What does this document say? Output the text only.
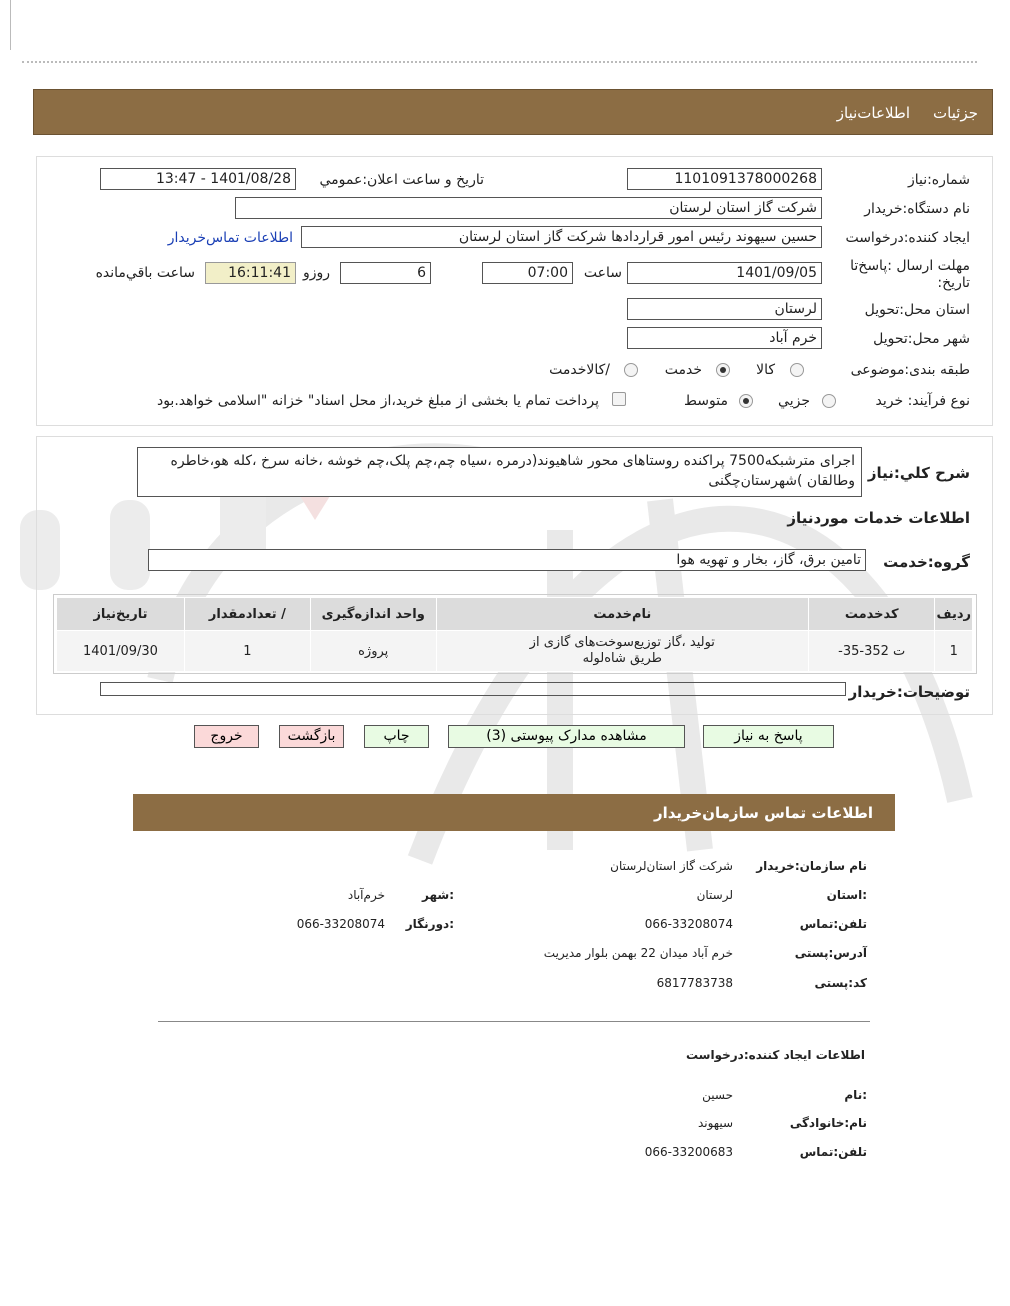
جزئیات
اطلاعات‌نیاز
شماره:نیاز
1101091378000268
تاريخ و ساعت اعلان:عمومي
1401/08/28 - 13:47
نام دستگاه:خريدار
شرکت گاز استان لرستان
ايجاد کننده:درخواست
حسين سيهوند رئيس امور قراردادها شرکت گاز استان لرستان
اطلاعات تماس‌خريدار
مهلت ارسال :پاسخ‌تا تاريخ:
1401/09/05
ساعت
07:00
6
روزو
16:11:41
ساعت باقي‌مانده
استان محل:تحويل
لرستان
شهر محل:تحويل
خرم آباد
طبقه بندی:موضوعی
كالا
خدمت
/کالاخدمت
نوع فرآيند: خريد
جزيي
متوسط
پرداخت تمام يا بخشی از مبلغ خريد،از محل اسناد" خزانه "اسلامی خواهد.بود
شرح کلي:نیاز
اجرای مترشبکه7500 پراکنده روستاهای محور شاهیوند(درمره ،سیاه چم،چم پلک،چم خوشه ،خانه سرخ ،کله هو،خاطره وطالقان )شهرستان‌چگنی
اطلاعات خدمات موردنياز
گروه:خدمت
تامين برق، گاز، بخار و تهويه هوا
رديف	کدخدمت	نام‌خدمت	واحد اندازه‌گيری	/ تعدادمقدار	تاريخ‌نياز
1	ت 352-35-	توليد ،گاز توزيع‌سوخت‌های گازی از طريق شاه‌لوله	پروژه	1	1401/09/30
توضيحات:خريدار
پاسخ به نياز
مشاهده مدارک پيوستی (3)
چاپ
بازگشت
خروج
اطلاعات تماس سازمان‌خريدار
نام سازمان:خريدار
شرکت گاز استان‌لرستان
:استان
لرستان
:شهر
خرم‌آباد
تلفن:تماس
066-33208074
:دورنگار
066-33208074
آدرس:پستی
خرم آباد ميدان 22 بهمن بلوار مديريت
کد:پستی
6817783738
اطلاعات ايجاد کننده:درخواست
:نام
حسين
نام:خانوادگی
سيهوند
تلفن:تماس
066-33200683
